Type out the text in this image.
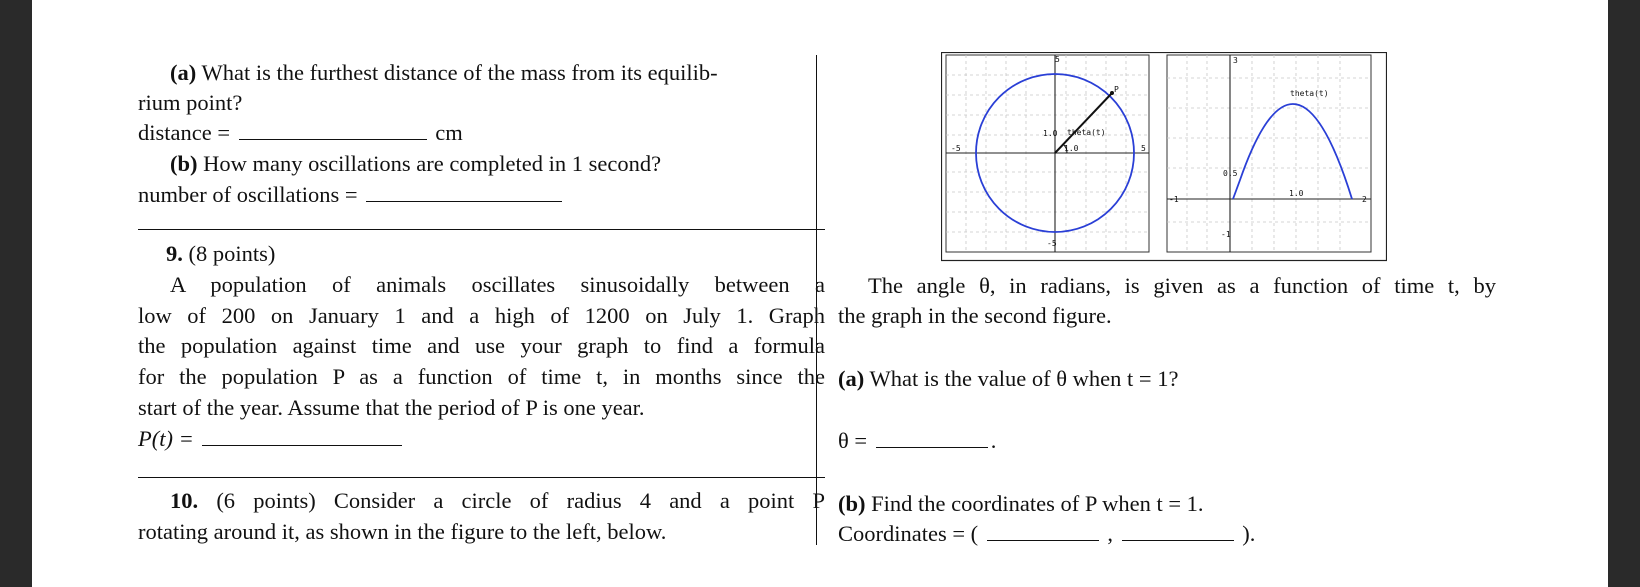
(a) What is the furthest distance of the mass from its equilib-
rium point?
distance =	cm
(b) How many oscillations are completed in 1 second?
number of oscillations =
9. (8 points)
A population of animals oscillates sinusoidally between a
low of 200 on January 1 and a high of 1200 on July 1. Graph
the population against time and use your graph to find a formula
for the population P as a function of time t, in months since the
start of the year. Assume that the period of P is one year.
P(t) =
10. (6 points) Consider a circle of radius 4 and a point P
rotating around it, as shown in the figure to the left, below.
P
-5	5
5
-5
1.0
1.0
theta(t)
3
0.5
-1
-1
1.0
2
theta(t)
The angle θ, in radians, is given as a function of time t, by
the graph in the second figure.
(a) What is the value of θ when t = 1?
θ =	.
(b) Find the coordinates of P when t = 1.
Coordinates = (	,	).
